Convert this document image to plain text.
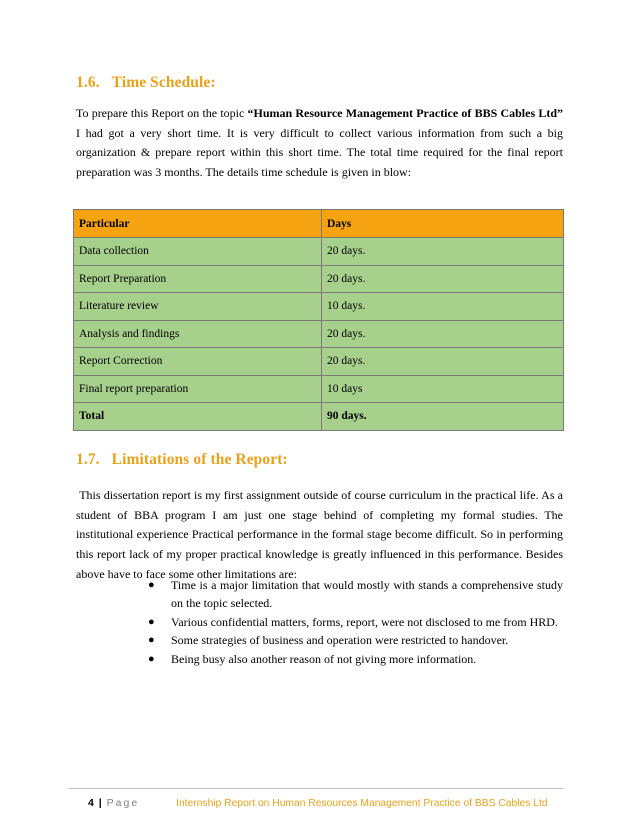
1.6. Time Schedule:

To prepare this Report on the topic “Human Resource Management Practice of BBS Cables Ltd” I had got a very short time. It is very difficult to collect various information from such a big organization & prepare report within this short time. The total time required for the final report preparation was 3 months. The details time schedule is given in blow:

Particular	Days
Data collection	20 days.
Report Preparation	20 days.
Literature review	10 days.
Analysis and findings	20 days.
Report Correction	20 days.
Final report preparation	10 days
Total	90 days.
1.7. Limitations of the Report:

This dissertation report is my first assignment outside of course curriculum in the practical life. As a student of BBA program I am just one stage behind of completing my formal studies. The institutional experience Practical performance in the formal stage become difficult. So in performing this report lack of my proper practical knowledge is greatly influenced in this performance. Besides above have to face some other limitations are:

● Time is a major limitation that would mostly with stands a comprehensive study on the topic selected.
● Various confidential matters, forms, report, were not disclosed to me from HRD.
● Some strategies of business and operation were restricted to handover.
● Being busy also another reason of not giving more information.
4 | Page	Internship Report on Human Resources Management Practice of BBS Cables Ltd
